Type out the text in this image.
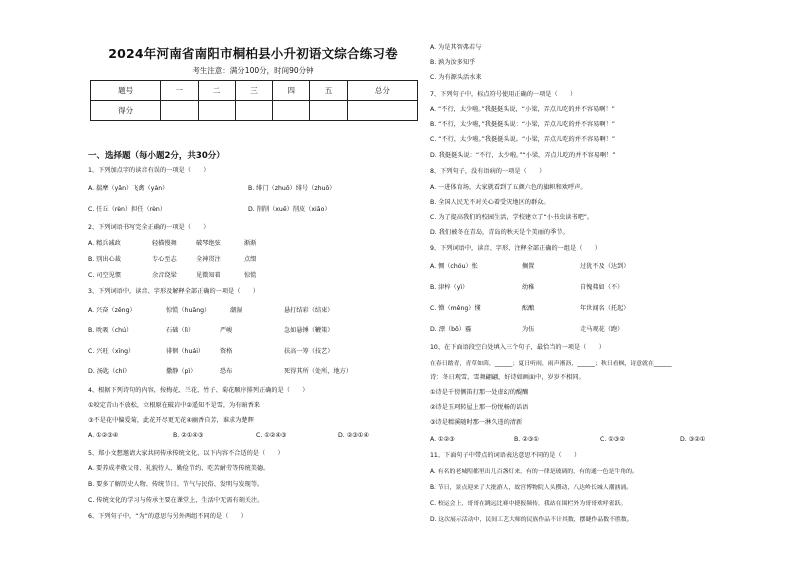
2024年河南省南阳市桐柏县小升初语文综合练习卷
考生注意：满分100分，时间90分钟
题号	一	二	三	四	五	总分
得分						
一、选择题（每小题2分，共30分）
1、下列加点字的读音有误的一项是（　　）
A. 揣摩（yǎn）飞禽（yán）	B. 绯门（zhuō）绯号（zhuō）
C. 任丘（rèn）担任（rèn）	D. 削削（xuē）削皮（xiāo）
2、下列词语书写完全正确的一项是（　　）
A. 精兵减政	轻描慢舞	破琴绝弦	渐渐
B. 别出心裁	专心至志	全神贯注	点缀
C. 司空见惯	余音绕梁	见微知着	惊慌
3、下列词语中，读音、字形及解释全部正确的一项是（　　）
A. 兴奋（zēng）	惊慌（huāng）	潮湿	悬打结彩（结束）
B. 吮吸（chú）	石础（lì）	严峻	急如悬锤（鞭策）
C. 兴旺（xīng）	徘徊（huái）	资格	扶高一筹（技艺）
D. 汤匙（chí）	撒静（pì）	恐布	死得其所（处所，地方）
4、根据下列诗句的内容，按梅花、兰花、竹子、菊花顺序排列正确的是（　　）
①咬定青山不放松，立根原在破岩中②遥知不是雪，为有暗香来
③不是花中偏爱菊，此花开尽更无花④幽香自芳，谁求为楚辉
A. ①②③④	B. ②①④③	C. ①②④③	D. ②③①④
5、郑小文想邀请大家共同传承传统文化，以下内容不合适的是（　　）
A. 要养成孝敬父母、礼貌待人、勤俭节约、吃苦耐劳等传统美德。
B. 要多了解历史人物、传统节日、节气与民俗、发明与发现等。
C. 传统文化的学习与传承主要在课堂上，生活中无需有刻关注。
6、下列句子中，“为”的意思与另外两组不同的是（　　）
A. 为是其智弗若与
B. 孰为汝多知乎
C. 为有源头活水来
7、下列句子中，标点符号使用正确的一项是（　　）
A. “不行，太少啦。”我挺挺头说，“小梁，弄点儿吃的并不容易啊！”
B. “不行，太少啦，”我挺挺头说：“小梁，弄点儿吃的并不容易啊！”
C. “不行，太少啦。”我挺挺头说。“小梁，弄点儿吃的并不容易啊！”
D. 我挺挺头说：“不行，太少啦。”“小梁，弄点儿吃的并不容易啊！”
8、下列句子，没有语病的一项是（　　）
A. 一进体育场，大家就看到了五颜六色的旗帜和欢呼声。
B. 全国人民无不对关心着受灾地区的群众。
C. 为了提高我们的校园生活，学校建立了“小书虫读书吧”。
D. 我们被冬在青岛，青岛的秋天是个美丽的季节。
9、下列词语中，读音、字形、注释全部正确的一组是（　　）
A. 惆（chóu）怅	搁置	过犹不及（达到）
B. 津梓（yì）	幼稚	自愧弗如（不）
C. 懵（měng）懂	酝酿	年世闻名（托起）
D. 漂（bō）霾	为伍	走马观花（跑）
10、在下面语段空白处填入三个句子，最恰当的一项是（　　）
在春日踏青，青草如茵，______；夏日听雨，雨声淅沥，______；秋日看枫，诗意就在______
诗：冬日观雪，雪舞翩翩，好诗如画面中，岁岁不相同。
①诗是千傍侧笛打那一处虚幻的醍醐
②诗是玉珂转屋上那一份悦畅的话语
③诗是精溪随时那一淋久违的清新
A. ①②③	B. ②③①	C. ①③②	D. ③②①
11、下面句子中带点的词语表达意思不同的是（　　）
A. 有名的老城隍都里出几百盏灯来，有的一律是玻璃的，有的通一色是牛角的。
B. 节日，景点迎来了大批游人，故宫博物院人头攒动，八达岭长城人潮汹涌。
C. 校运会上，哥哥在跳远比赛中捷报频传，我站在围栏外为哥哥欢呼雀跃。
D. 这次展示活动中，民间工艺大师的民族作品不计其数，摆睫作品数不胜数。
